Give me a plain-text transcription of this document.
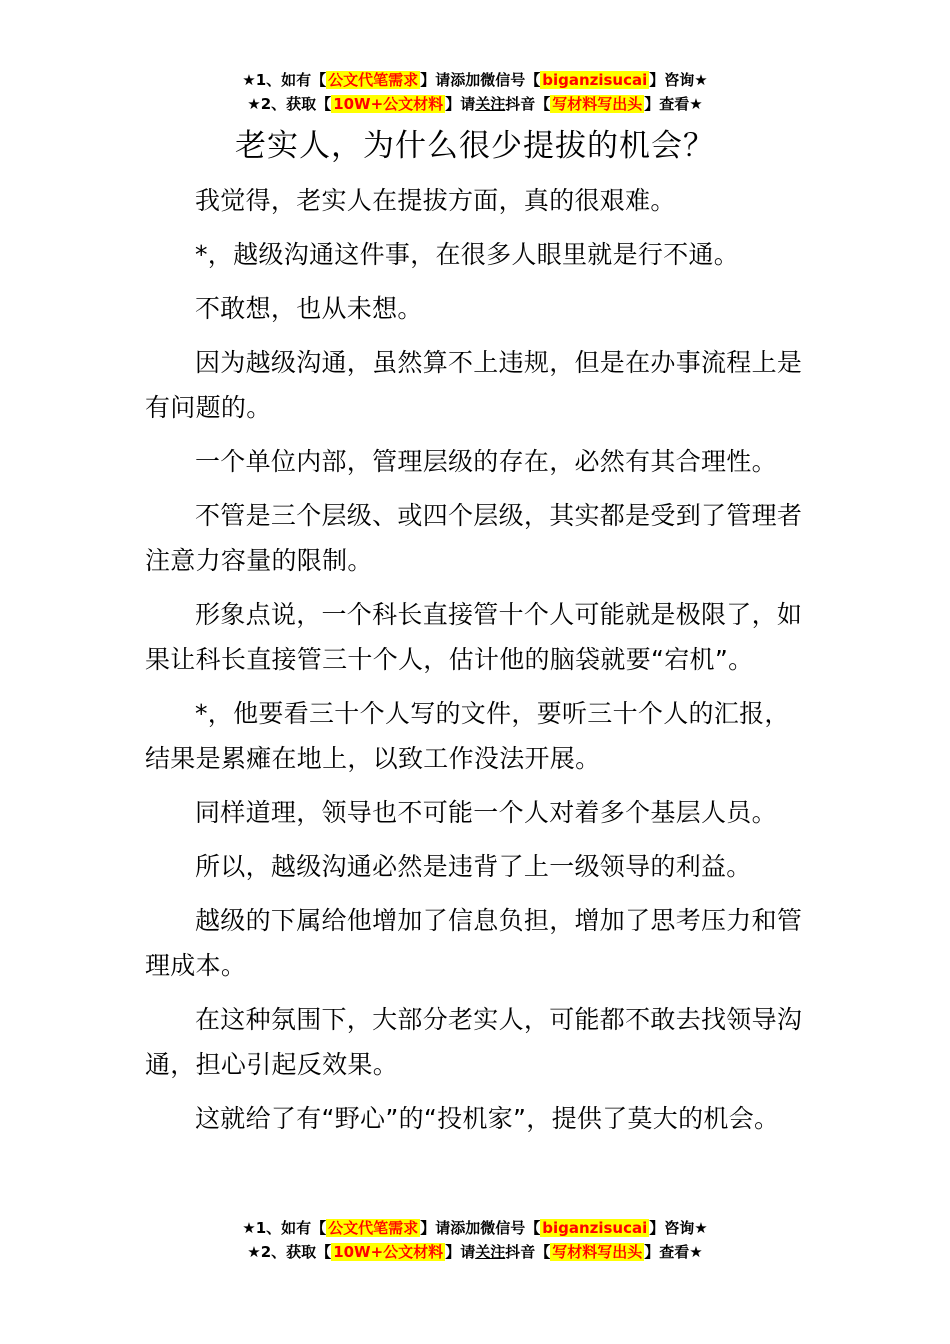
★1、如有【 公文代笔需求 】请添加微信号【 biganzisucai 】咨询★
★2、获取【 10W+公文材料 】请关注抖音【 写材料写出头 】查看★
老实人，为什么很少提拔的机会？

我觉得，老实人在提拔方面，真的很艰难。

*，越级沟通这件事，在很多人眼里就是行不通。

不敢想，也从未想。

因为越级沟通，虽然算不上违规，但是在办事流程上是有问题的。

一个单位内部，管理层级的存在，必然有其合理性。

不管是三个层级、或四个层级，其实都是受到了管理者注意力容量的限制。

形象点说，一个科长直接管十个人可能就是极限了，如果让科长直接管三十个人，估计他的脑袋就要“宕机”。

*，他要看三十个人写的文件，要听三十个人的汇报，结果是累瘫在地上，以致工作没法开展。

同样道理，领导也不可能一个人对着多个基层人员。

所以，越级沟通必然是违背了上一级领导的利益。

越级的下属给他增加了信息负担，增加了思考压力和管理成本。

在这种氛围下，大部分老实人，可能都不敢去找领导沟通，担心引起反效果。

这就给了有“野心”的“投机家”，提供了莫大的机会。

★1、如有【 公文代笔需求 】请添加微信号【 biganzisucai 】咨询★
★2、获取【 10W+公文材料 】请关注抖音【 写材料写出头 】查看★
